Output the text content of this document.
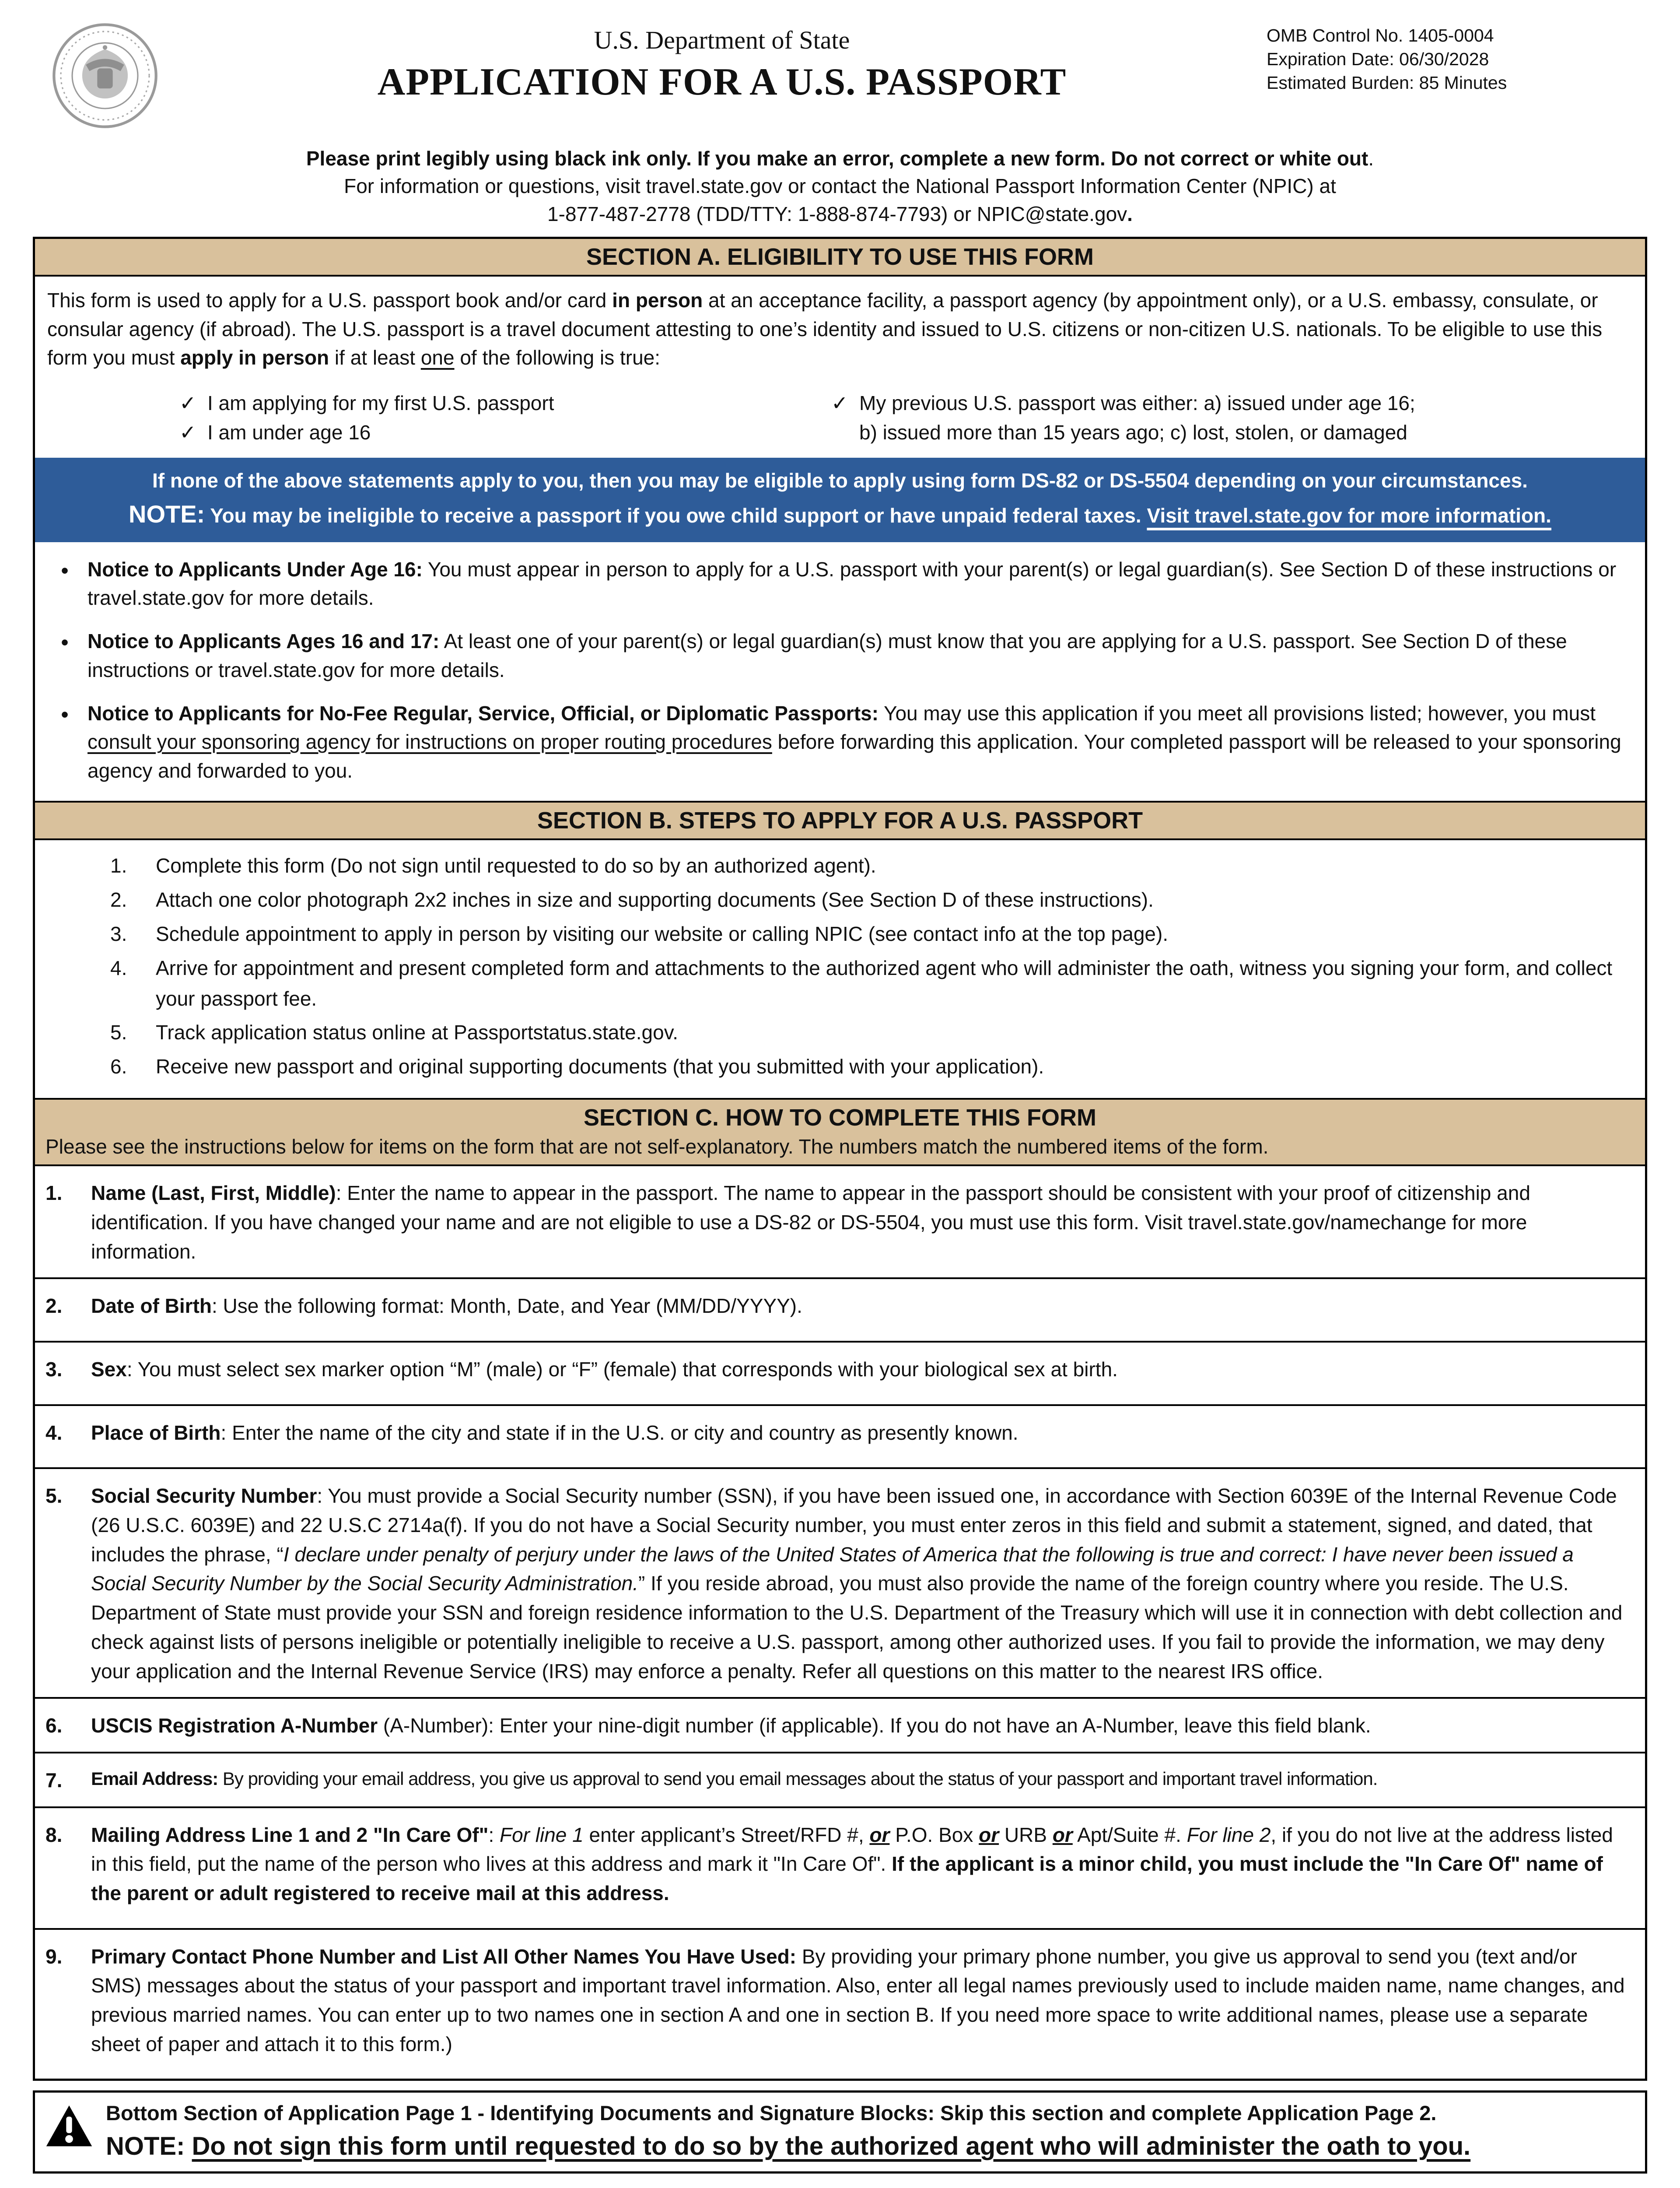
U.S. Department of State
APPLICATION FOR A U.S. PASSPORT
OMB Control No. 1405-0004
Expiration Date: 06/30/2028
Estimated Burden: 85 Minutes
Please print legibly using black ink only. If you make an error, complete a new form. Do not correct or white out.
For information or questions, visit travel.state.gov or contact the National Passport Information Center (NPIC) at
1-877-487-2778 (TDD/TTY: 1-888-874-7793) or NPIC@state.gov.
SECTION A. ELIGIBILITY TO USE THIS FORM
This form is used to apply for a U.S. passport book and/or card in person at an acceptance facility, a passport agency (by appointment only), or a U.S. embassy, consulate, or consular agency (if abroad). The U.S. passport is a travel document attesting to one’s identity and issued to U.S. citizens or non-citizen U.S. nationals. To be eligible to use this form you must apply in person if at least one of the following is true:
✓ I am applying for my first U.S. passport
✓ I am under age 16
✓ My previous U.S. passport was either: a) issued under age 16;
b) issued more than 15 years ago; c) lost, stolen, or damaged
If none of the above statements apply to you, then you may be eligible to apply using form DS-82 or DS-5504 depending on your circumstances.
NOTE: You may be ineligible to receive a passport if you owe child support or have unpaid federal taxes. Visit travel.state.gov for more information.
• Notice to Applicants Under Age 16: You must appear in person to apply for a U.S. passport with your parent(s) or legal guardian(s). See Section D of these instructions or travel.state.gov for more details.
• Notice to Applicants Ages 16 and 17: At least one of your parent(s) or legal guardian(s) must know that you are applying for a U.S. passport. See Section D of these instructions or travel.state.gov for more details.
• Notice to Applicants for No-Fee Regular, Service, Official, or Diplomatic Passports: You may use this application if you meet all provisions listed; however, you must consult your sponsoring agency for instructions on proper routing procedures before forwarding this application. Your completed passport will be released to your sponsoring agency and forwarded to you.
SECTION B. STEPS TO APPLY FOR A U.S. PASSPORT
1.	Complete this form (Do not sign until requested to do so by an authorized agent).
2.	Attach one color photograph 2x2 inches in size and supporting documents (See Section D of these instructions).
3.	Schedule appointment to apply in person by visiting our website or calling NPIC (see contact info at the top page).
4.	Arrive for appointment and present completed form and attachments to the authorized agent who will administer the oath, witness you signing your form, and collect your passport fee.
5.	Track application status online at Passportstatus.state.gov.
6.	Receive new passport and original supporting documents (that you submitted with your application).
SECTION C. HOW TO COMPLETE THIS FORM
Please see the instructions below for items on the form that are not self-explanatory. The numbers match the numbered items of the form.
1.	Name (Last, First, Middle): Enter the name to appear in the passport. The name to appear in the passport should be consistent with your proof of citizenship and identification. If you have changed your name and are not eligible to use a DS-82 or DS-5504, you must use this form. Visit travel.state.gov/namechange for more information.
2.	Date of Birth: Use the following format: Month, Date, and Year (MM/DD/YYYY).
3.	Sex: You must select sex marker option “M” (male) or “F” (female) that corresponds with your biological sex at birth.
4.	Place of Birth: Enter the name of the city and state if in the U.S. or city and country as presently known.
5.	Social Security Number: You must provide a Social Security number (SSN), if you have been issued one, in accordance with Section 6039E of the Internal Revenue Code (26 U.S.C. 6039E) and 22 U.S.C 2714a(f). If you do not have a Social Security number, you must enter zeros in this field and submit a statement, signed, and dated, that includes the phrase, “I declare under penalty of perjury under the laws of the United States of America that the following is true and correct: I have never been issued a Social Security Number by the Social Security Administration.” If you reside abroad, you must also provide the name of the foreign country where you reside. The U.S. Department of State must provide your SSN and foreign residence information to the U.S. Department of the Treasury which will use it in connection with debt collection and check against lists of persons ineligible or potentially ineligible to receive a U.S. passport, among other authorized uses. If you fail to provide the information, we may deny your application and the Internal Revenue Service (IRS) may enforce a penalty. Refer all questions on this matter to the nearest IRS office.
6.	USCIS Registration A-Number (A-Number): Enter your nine-digit number (if applicable). If you do not have an A-Number, leave this field blank.
7.	Email Address: By providing your email address, you give us approval to send you email messages about the status of your passport and important travel information.
8.	Mailing Address Line 1 and 2 "In Care Of": For line 1 enter applicant’s Street/RFD #, or P.O. Box or URB or Apt/Suite #. For line 2, if you do not live at the address listed in this field, put the name of the person who lives at this address and mark it "In Care Of". If the applicant is a minor child, you must include the "In Care Of" name of the parent or adult registered to receive mail at this address.
9.	Primary Contact Phone Number and List All Other Names You Have Used: By providing your primary phone number, you give us approval to send you (text and/or SMS) messages about the status of your passport and important travel information. Also, enter all legal names previously used to include maiden name, name changes, and previous married names. You can enter up to two names one in section A and one in section B. If you need more space to write additional names, please use a separate sheet of paper and attach it to this form.)
Bottom Section of Application Page 1 - Identifying Documents and Signature Blocks: Skip this section and complete Application Page 2.
NOTE: Do not sign this form until requested to do so by the authorized agent who will administer the oath to you.
